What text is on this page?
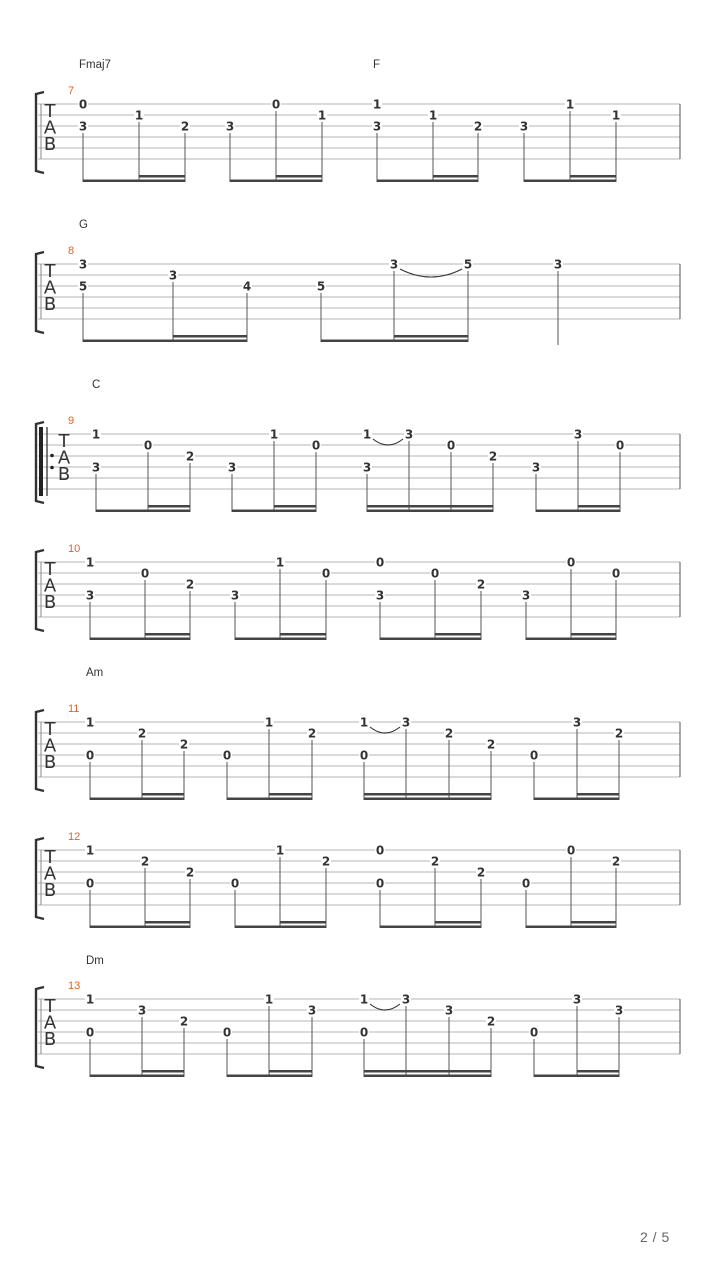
T
A
B
7
Fmaj7	F
0
3
1
2	3
0
1
1
3
1
2	3
1
1
T
A
B
8
G
3
5
3
4	5
3	5	3
T
A
B
9
C
1
3
0
2
3
1
0
1
3
3
0
2
3
3
0
T
A
B
10
1
3
0
2
3
1
0
0
3
0
2
3
0
0
T
A
B
11
Am
1
0
2
2
0
1
2
1
0
3
2
2
0
3
2
T
A
B
12
1
0
2
2
0
1
2
0
0
2
2
0
0
2
T
A
B
13
Dm
1
0
3
2
0
1
3
1
0
3
3
2
0
3
3
2 / 5
